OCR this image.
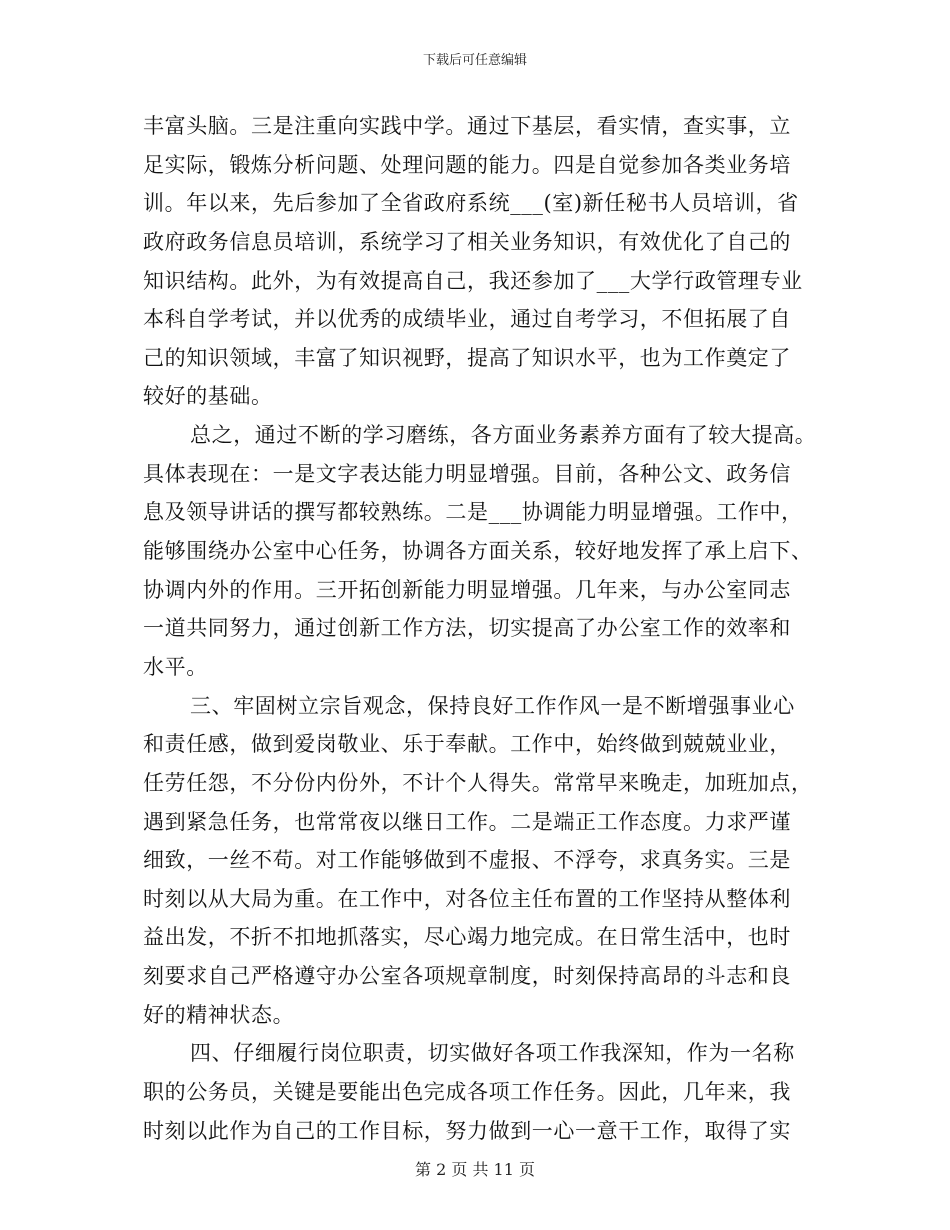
下载后可任意编辑
丰富头脑。三是注重向实践中学。通过下基层，看实情，查实事，立
足实际，锻炼分析问题、处理问题的能力。四是自觉参加各类业务培
训。年以来，先后参加了全省政府系统___(室)新任秘书人员培训，省
政府政务信息员培训，系统学习了相关业务知识，有效优化了自己的
知识结构。此外，为有效提高自己，我还参加了___大学行政管理专业
本科自学考试，并以优秀的成绩毕业，通过自考学习，不但拓展了自
己的知识领域，丰富了知识视野，提高了知识水平，也为工作奠定了
较好的基础。
总之，通过不断的学习磨练，各方面业务素养方面有了较大提高。
具体表现在：一是文字表达能力明显增强。目前，各种公文、政务信
息及领导讲话的撰写都较熟练。二是___协调能力明显增强。工作中，
能够围绕办公室中心任务，协调各方面关系，较好地发挥了承上启下、
协调内外的作用。三开拓创新能力明显增强。几年来，与办公室同志
一道共同努力，通过创新工作方法，切实提高了办公室工作的效率和
水平。
三、牢固树立宗旨观念，保持良好工作作风一是不断增强事业心
和责任感，做到爱岗敬业、乐于奉献。工作中，始终做到兢兢业业，
任劳任怨，不分份内份外，不计个人得失。常常早来晚走，加班加点，
遇到紧急任务，也常常夜以继日工作。二是端正工作态度。力求严谨
细致，一丝不苟。对工作能够做到不虚报、不浮夸，求真务实。三是
时刻以从大局为重。在工作中，对各位主任布置的工作坚持从整体利
益出发，不折不扣地抓落实，尽心竭力地完成。在日常生活中，也时
刻要求自己严格遵守办公室各项规章制度，时刻保持高昂的斗志和良
好的精神状态。
四、仔细履行岗位职责，切实做好各项工作我深知，作为一名称
职的公务员，关键是要能出色完成各项工作任务。因此，几年来，我
时刻以此作为自己的工作目标，努力做到一心一意干工作，取得了实
第 2 页 共 11 页
